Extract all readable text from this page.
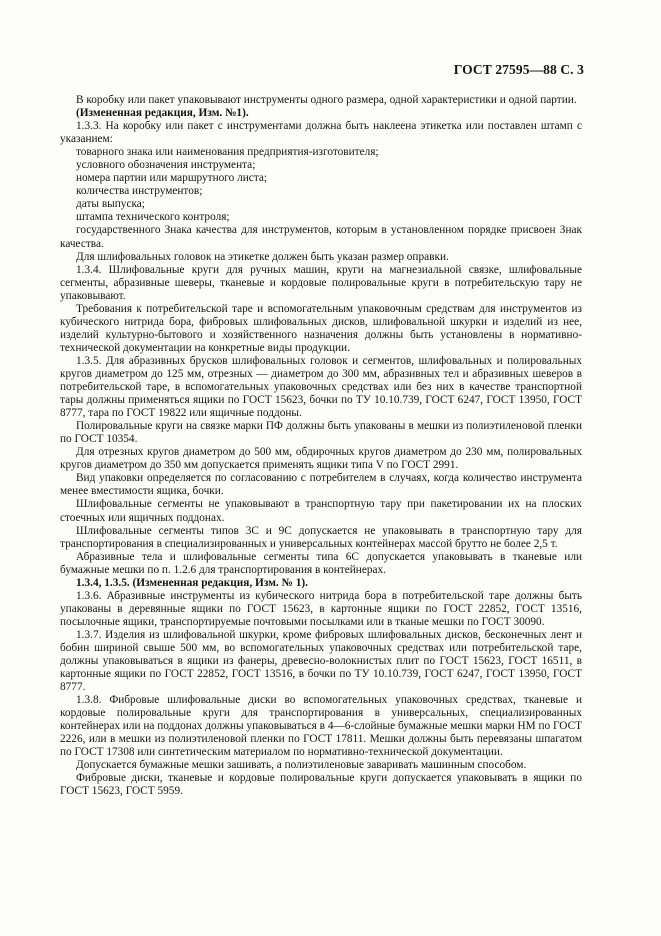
ГОСТ 27595—88 С. 3

В коробку или пакет упаковывают инструменты одного размера, одной характеристики и одной партии.

(Измененная редакция, Изм. №1).

1.3.3. На коробку или пакет с инструментами должна быть наклеена этикетка или поставлен штамп с указанием:

товарного знака или наименования предприятия-изготовителя;

условного обозначения инструмента;

номера партии или маршрутного листа;

количества инструментов;

даты выпуска;

штампа технического контроля;

государственного Знака качества для инструментов, которым в установленном порядке присвоен Знак качества.

Для шлифовальных головок на этикетке должен быть указан размер оправки.

1.3.4. Шлифовальные круги для ручных машин, круги на магнезиальной связке, шлифовальные сегменты, абразивные шеверы, тканевые и кордовые полировальные круги в потребительскую тару не упаковывают.

Требования к потребительской таре и вспомогательным упаковочным средствам для инструментов из кубического нитрида бора, фибровых шлифовальных дисков, шлифовальной шкурки и изделий из нее, изделий культурно-бытового и хозяйственного назначения должны быть установлены в нормативно-технической документации на конкретные виды продукции.

1.3.5. Для абразивных брусков шлифовальных головок и сегментов, шлифовальных и полировальных кругов диаметром до 125 мм, отрезных — диаметром до 300 мм, абразивных тел и абразивных шеверов в потребительской таре, в вспомогательных упаковочных средствах или без них в качестве транспортной тары должны применяться ящики по ГОСТ 15623, бочки по ТУ 10.10.739, ГОСТ 6247, ГОСТ 13950, ГОСТ 8777, тара по ГОСТ 19822 или ящичные поддоны.

Полировальные круги на связке марки ПФ должны быть упакованы в мешки из полиэтиленовой пленки по ГОСТ 10354.

Для отрезных кругов диаметром до 500 мм, обдирочных кругов диаметром до 230 мм, полировальных кругов диаметром до 350 мм допускается применять ящики типа V по ГОСТ 2991.

Вид упаковки определяется по согласованию с потребителем в случаях, когда количество инструмента менее вместимости ящика, бочки.

Шлифовальные сегменты не упаковывают в транспортную тару при пакетировании их на плоских стоечных или ящичных поддонах.

Шлифовальные сегменты типов 3С и 9С допускается не упаковывать в транспортную тару для транспортирования в специализированных и универсальных контейнерах массой брутто не более 2,5 т.

Абразивные тела и шлифовальные сегменты типа 6С допускается упаковывать в тканевые или бумажные мешки по п. 1.2.6 для транспортирования в контейнерах.

1.3.4, 1.3.5. (Измененная редакция, Изм. № 1).

1.3.6. Абразивные инструменты из кубического нитрида бора в потребительской таре должны быть упакованы в деревянные ящики по ГОСТ 15623, в картонные ящики по ГОСТ 22852, ГОСТ 13516, посылочные ящики, транспортируемые почтовыми посылками или в тканые мешки по ГОСТ 30090.

1.3.7. Изделия из шлифовальной шкурки, кроме фибровых шлифовальных дисков, бесконечных лент и бобин шириной свыше 500 мм, во вспомогательных упаковочных средствах или потребительской таре, должны упаковываться в ящики из фанеры, древесно-волокнистых плит по ГОСТ 15623, ГОСТ 16511, в картонные ящики по ГОСТ 22852, ГОСТ 13516, в бочки по ТУ 10.10.739, ГОСТ 6247, ГОСТ 13950, ГОСТ 8777.

1.3.8. Фибровые шлифовальные диски во вспомогательных упаковочных средствах, тканевые и кордовые полировальные круги для транспортирования в универсальных, специализированных контейнерах или на поддонах должны упаковываться в 4—6-слойные бумажные мешки марки НМ по ГОСТ 2226, или в мешки из полиэтиленовой пленки по ГОСТ 17811. Мешки должны быть перевязаны шпагатом по ГОСТ 17308 или синтетическим материалом по нормативно-технической документации.

Допускается бумажные мешки зашивать, а полиэтиленовые заваривать машинным способом.

Фибровые диски, тканевые и кордовые полировальные круги допускается упаковывать в ящики по ГОСТ 15623, ГОСТ 5959.
